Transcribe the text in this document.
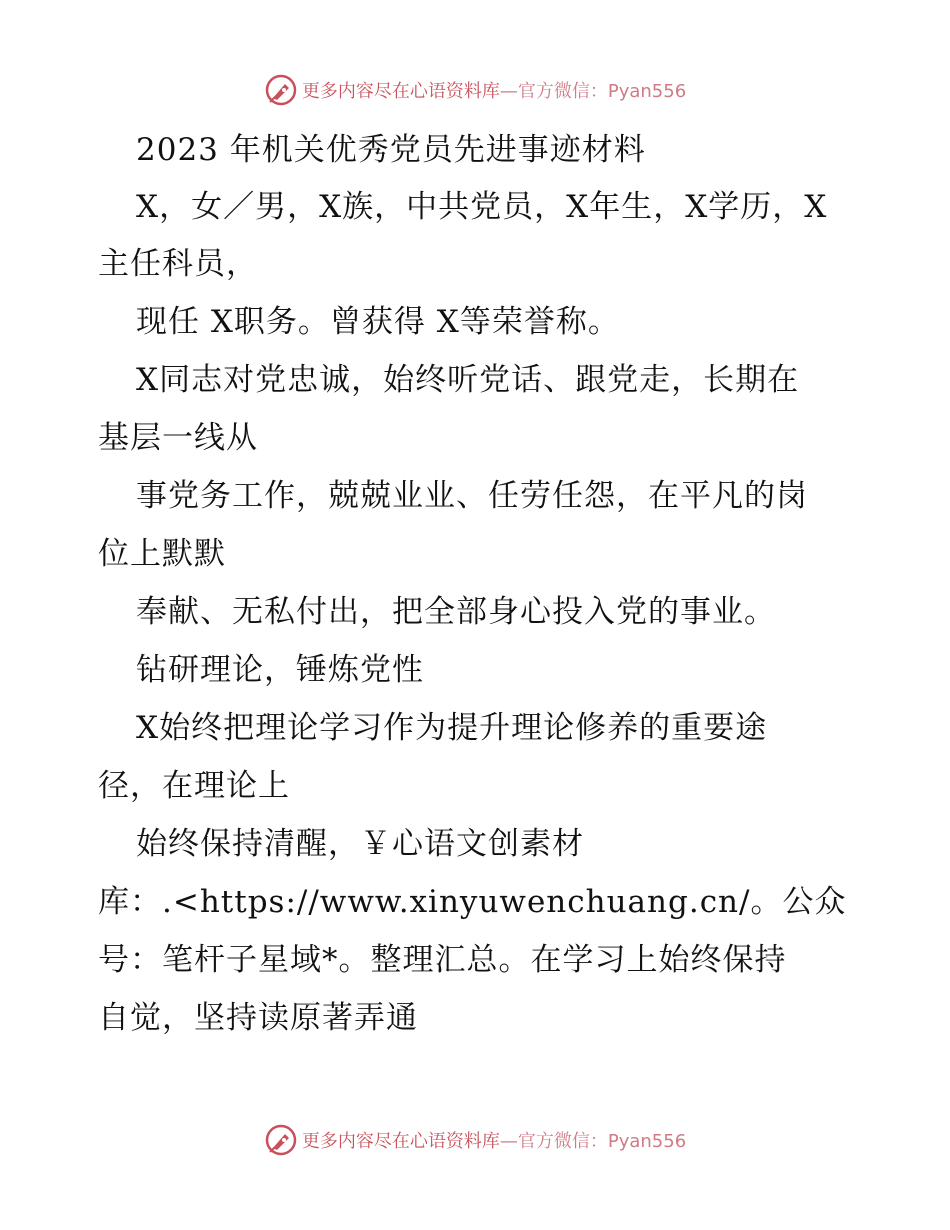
更多内容尽在心语资料库 —官方微信：Pyan556
2023 年机关优秀党员先进事迹材料
X，女／男，X族，中共党员，X年生，X学历，X
主任科员，
现任 X职务。曾获得 X等荣誉称。
X同志对党忠诚，始终听党话、跟党走，长期在
基层一线从
事党务工作，兢兢业业、任劳任怨，在平凡的岗
位上默默
奉献、无私付出，把全部身心投入党的事业。
钻研理论，锤炼党性
X始终把理论学习作为提升理论修养的重要途
径，在理论上
始终保持清醒，￥心语文创素材
库：.<https://www.xinyuwenchuang.cn/。公众
号：笔杆子星域*。整理汇总。在学习上始终保持
自觉，坚持读原著弄通
更多内容尽在心语资料库 —官方微信：Pyan556
